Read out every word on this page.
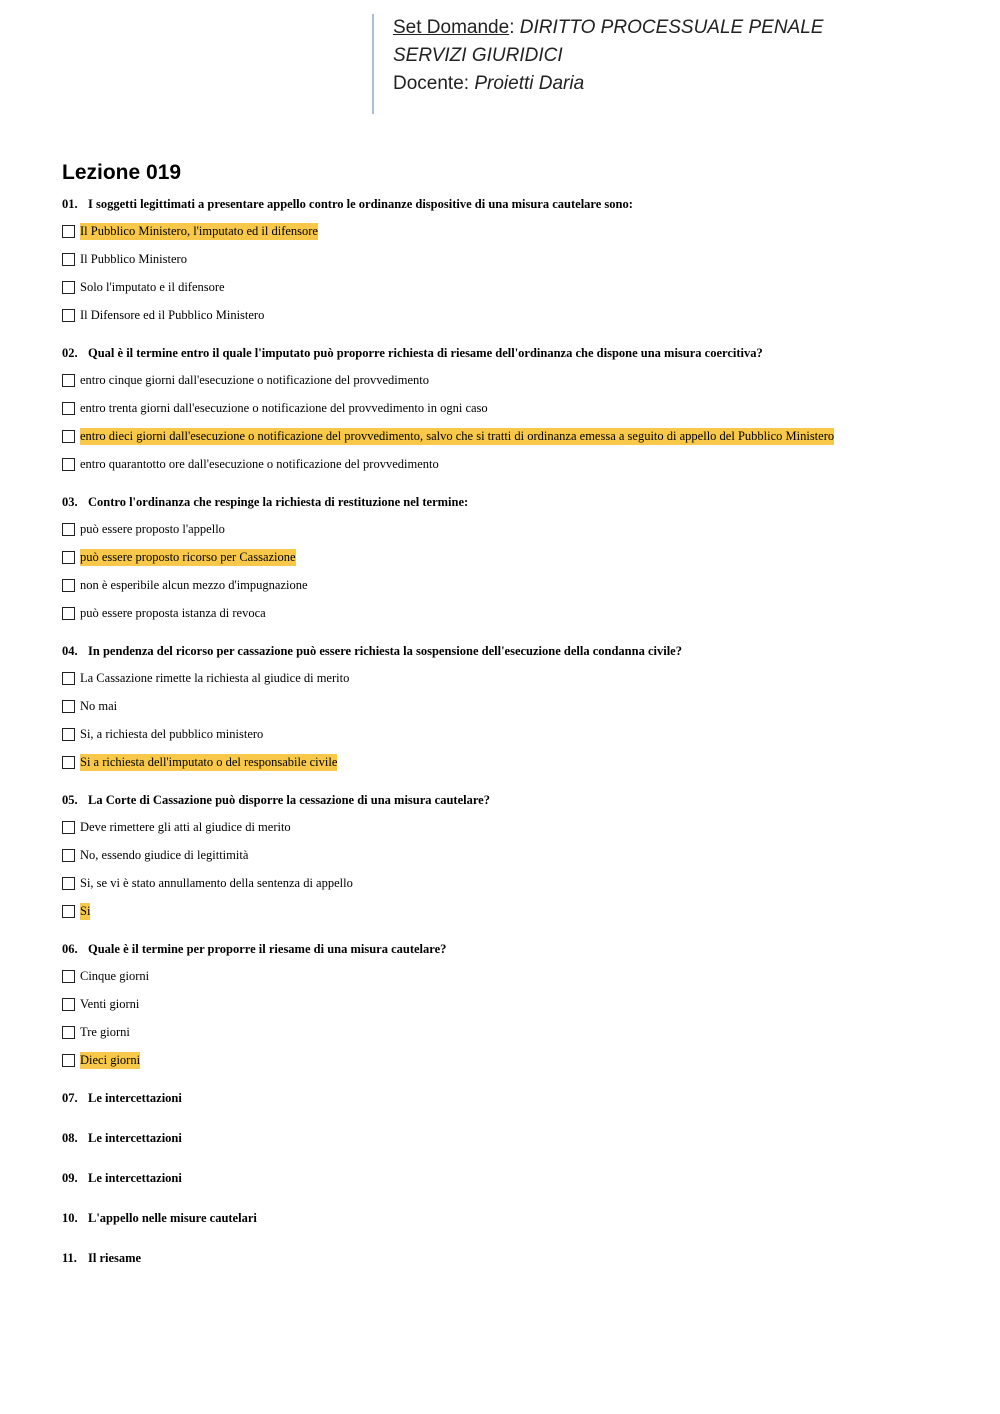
Set Domande: DIRITTO PROCESSUALE PENALE
SERVIZI GIURIDICI
Docente: Proietti Daria
Lezione 019
01. I soggetti legittimati a presentare appello contro le ordinanze dispositive di una misura cautelare sono:
Il Pubblico Ministero, l'imputato ed il difensore
Il Pubblico Ministero
Solo l'imputato e il difensore
Il Difensore ed il Pubblico Ministero
02. Qual è il termine entro il quale l'imputato può proporre richiesta di riesame dell'ordinanza che dispone una misura coercitiva?
entro cinque giorni dall'esecuzione o notificazione del provvedimento
entro trenta giorni dall'esecuzione o notificazione del provvedimento in ogni caso
entro dieci giorni dall'esecuzione o notificazione del provvedimento, salvo che si tratti di ordinanza emessa a seguito di appello del Pubblico Ministero
entro quarantotto ore dall'esecuzione o notificazione del provvedimento
03. Contro l'ordinanza che respinge la richiesta di restituzione nel termine:
può essere proposto l'appello
può essere proposto ricorso per Cassazione
non è esperibile alcun mezzo d'impugnazione
può essere proposta istanza di revoca
04. In pendenza del ricorso per cassazione può essere richiesta la sospensione dell'esecuzione della condanna civile?
La Cassazione rimette la richiesta al giudice di merito
No mai
Si, a richiesta del pubblico ministero
Si a richiesta dell'imputato o del responsabile civile
05. La Corte di Cassazione può disporre la cessazione di una misura cautelare?
Deve rimettere gli atti al giudice di merito
No, essendo giudice di legittimità
Si, se vi è stato annullamento della sentenza di appello
Si
06. Quale è il termine per proporre il riesame di una misura cautelare?
Cinque giorni
Venti giorni
Tre giorni
Dieci giorni
07. Le intercettazioni
08. Le intercettazioni
09. Le intercettazioni
10. L'appello nelle misure cautelari
11. Il riesame
